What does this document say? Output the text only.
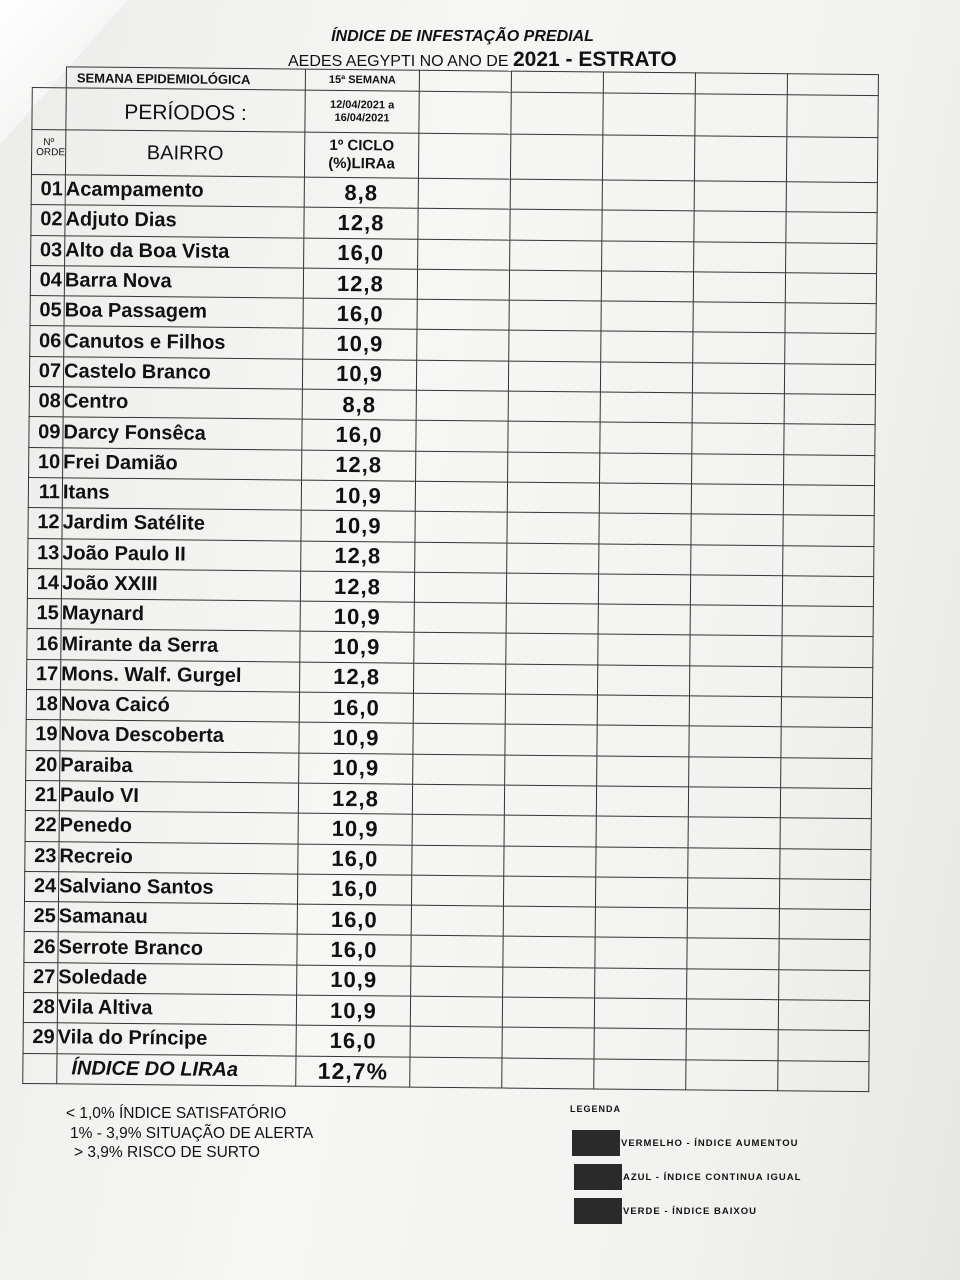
ÍNDICE DE INFESTAÇÃO PREDIAL
AEDES AEGYPTI NO ANO DE 2021 - ESTRATO
	SEMANA EPIDEMIOLÓGICA	15ª SEMANA					
	PERÍODOS :	12/04/2021 a 16/04/2021					
Nº ORDE	BAIRRO	1º CICLO (%)LIRAa					
01	Acampamento	8,8					
02	Adjuto Dias	12,8					
03	Alto da Boa Vista	16,0					
04	Barra Nova	12,8					
05	Boa Passagem	16,0					
06	Canutos e Filhos	10,9					
07	Castelo Branco	10,9					
08	Centro	8,8					
09	Darcy Fonsêca	16,0					
10	Frei Damião	12,8					
11	Itans	10,9					
12	Jardim Satélite	10,9					
13	João Paulo II	12,8					
14	João XXIII	12,8					
15	Maynard	10,9					
16	Mirante da Serra	10,9					
17	Mons. Walf. Gurgel	12,8					
18	Nova Caicó	16,0					
19	Nova Descoberta	10,9					
20	Paraiba	10,9					
21	Paulo VI	12,8					
22	Penedo	10,9					
23	Recreio	16,0					
24	Salviano Santos	16,0					
25	Samanau	16,0					
26	Serrote Branco	16,0					
27	Soledade	10,9					
28	Vila Altiva	10,9					
29	Vila do Príncipe	16,0					
	ÍNDICE DO LIRAa	12,7%					
< 1,0% ÍNDICE SATISFATÓRIO
1% - 3,9% SITUAÇÃO DE ALERTA
> 3,9% RISCO DE SURTO
LEGENDA
VERMELHO - ÍNDICE AUMENTOU
AZUL - ÍNDICE CONTINUA IGUAL
VERDE - ÍNDICE BAIXOU
